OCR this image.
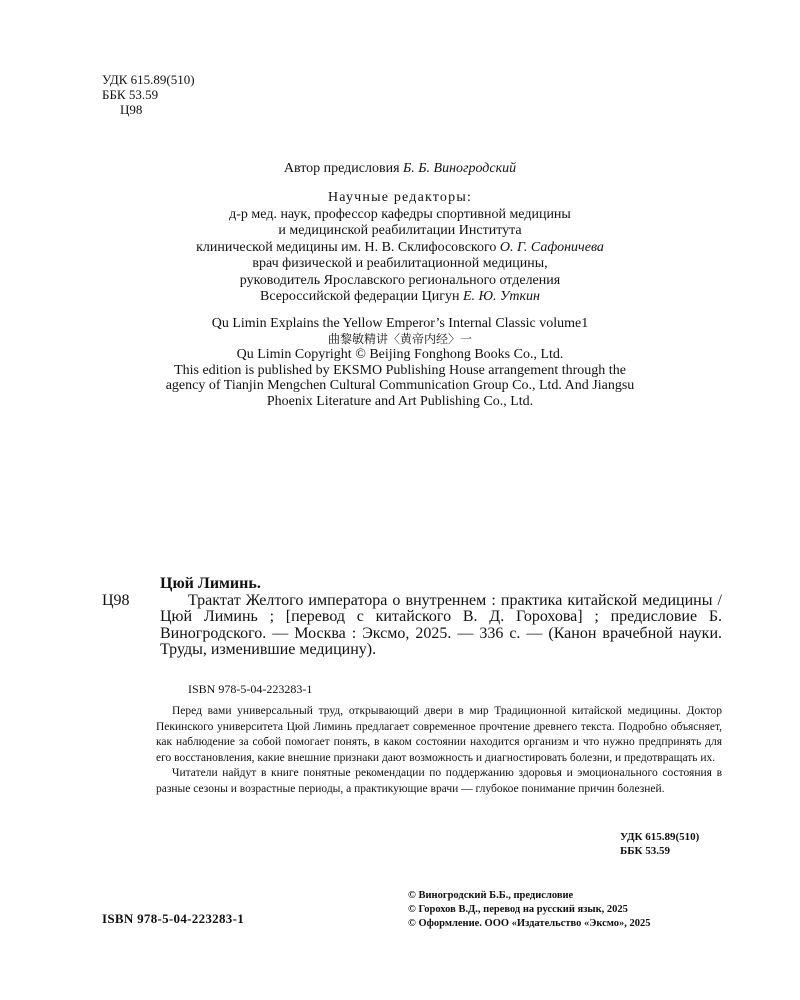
УДК 615.89(510)
ББК 53.59
Ц98
Автор предисловия Б. Б. Виногродский
Научные редакторы:
д-р мед. наук, профессор кафедры спортивной медицины
и медицинской реабилитации Института
клинической медицины им. Н. В. Склифосовского О. Г. Сафоничева
врач физической и реабилитационной медицины,
руководитель Ярославского регионального отделения
Всероссийской федерации Цигун Е. Ю. Уткин
Qu Limin Explains the Yellow Emperor’s Internal Classic volume1
曲黎敏精讲〈黄帝内经〉一
Qu Limin Copyright © Beijing Fonghong Books Co., Ltd.
This edition is published by EKSMO Publishing House arrangement through the
agency of Tianjin Mengchen Cultural Communication Group Co., Ltd. And Jiangsu
Phoenix Literature and Art Publishing Co., Ltd.
Цюй Лиминь.
Ц98	Трактат Желтого императора о внутреннем : практика китайской медицины / Цюй Лиминь ; [перевод с китайского В. Д. Горохова] ; предисловие Б. Виногродского. — Москва : Эксмо, 2025. — 336 с. — (Канон врачебной науки. Труды, изменившие медицину).
ISBN 978-5-04-223283-1

Перед вами универсальный труд, открывающий двери в мир Традиционной китайской медицины. Доктор Пекинского университета Цюй Лиминь предлагает современное прочтение древнего текста. Подробно объясняет, как наблюдение за собой помогает понять, в каком состоянии находится организм и что нужно предпринять для его восстановления, какие внешние признаки дают возможность и диагностировать болезни, и предотвращать их.

Читатели найдут в книге понятные рекомендации по поддержанию здоровья и эмоционального состояния в разные сезоны и возрастные периоды, а практикующие врачи — глубокое понимание причин болезней.

УДК 615.89(510)
ББК 53.59
ISBN 978-5-04-223283-1
© Виногродский Б.Б., предисловие
© Горохов В.Д., перевод на русский язык, 2025
© Оформление. ООО «Издательство «Эксмо», 2025
